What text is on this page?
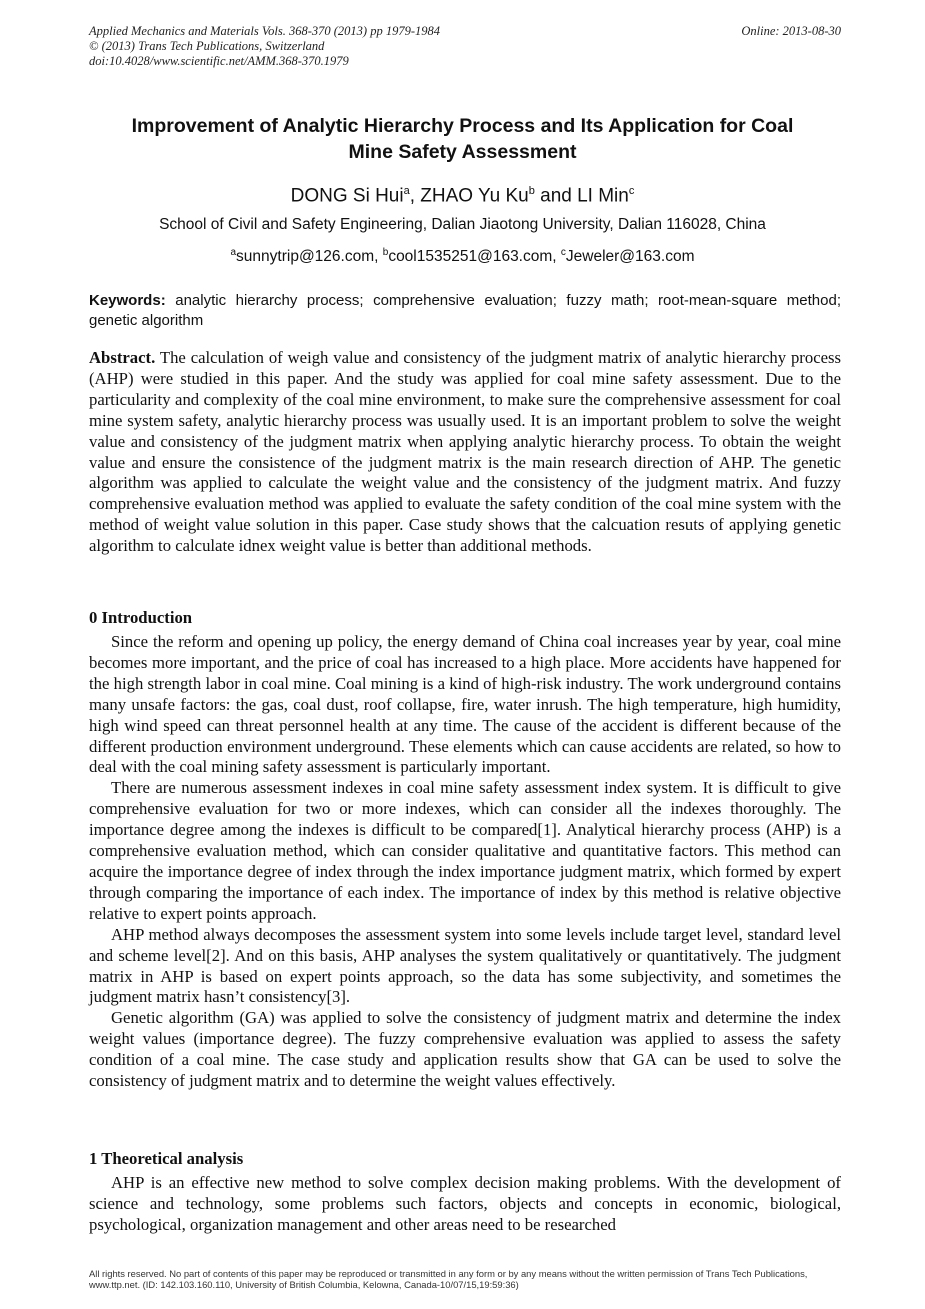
Applied Mechanics and Materials Vols. 368-370 (2013) pp 1979-1984	Online: 2013-08-30
© (2013) Trans Tech Publications, Switzerland
doi:10.4028/www.scientific.net/AMM.368-370.1979
Improvement of Analytic Hierarchy Process and Its Application for Coal
Mine Safety Assessment
DONG Si Hui$^a$, ZHAO Yu Ku$^b$ and LI Min$^c$
School of Civil and Safety Engineering, Dalian Jiaotong University, Dalian 116028, China
$^a$sunnytrip@126.com, $^b$cool1535251@163.com, $^c$Jeweler@163.com
Keywords: analytic hierarchy process; comprehensive evaluation; fuzzy math; root-mean-square method; genetic algorithm
Abstract. The calculation of weigh value and consistency of the judgment matrix of analytic hierarchy process (AHP) were studied in this paper. And the study was applied for coal mine safety assessment. Due to the particularity and complexity of the coal mine environment, to make sure the comprehensive assessment for coal mine system safety, analytic hierarchy process was usually used. It is an important problem to solve the weight value and consistency of the judgment matrix when applying analytic hierarchy process. To obtain the weight value and ensure the consistence of the judgment matrix is the main research direction of AHP. The genetic algorithm was applied to calculate the weight value and the consistency of the judgment matrix. And fuzzy comprehensive evaluation method was applied to evaluate the safety condition of the coal mine system with the method of weight value solution in this paper. Case study shows that the calcuation resuts of applying genetic algorithm to calculate idnex weight value is better than additional methods.
0 Introduction

Since the reform and opening up policy, the energy demand of China coal increases year by year, coal mine becomes more important, and the price of coal has increased to a high place. More accidents have happened for the high strength labor in coal mine. Coal mining is a kind of high-risk industry. The work underground contains many unsafe factors: the gas, coal dust, roof collapse, fire, water inrush. The high temperature, high humidity, high wind speed can threat personnel health at any time. The cause of the accident is different because of the different production environment underground. These elements which can cause accidents are related, so how to deal with the coal mining safety assessment is particularly important.

There are numerous assessment indexes in coal mine safety assessment index system. It is difficult to give comprehensive evaluation for two or more indexes, which can consider all the indexes thoroughly. The importance degree among the indexes is difficult to be compared[1]. Analytical hierarchy process (AHP) is a comprehensive evaluation method, which can consider qualitative and quantitative factors. This method can acquire the importance degree of index through the index importance judgment matrix, which formed by expert through comparing the importance of each index. The importance of index by this method is relative objective relative to expert points approach.

AHP method always decomposes the assessment system into some levels include target level, standard level and scheme level[2]. And on this basis, AHP analyses the system qualitatively or quantitatively. The judgment matrix in AHP is based on expert points approach, so the data has some subjectivity, and sometimes the judgment matrix hasn’t consistency[3].

Genetic algorithm (GA) was applied to solve the consistency of judgment matrix and determine the index weight values (importance degree). The fuzzy comprehensive evaluation was applied to assess the safety condition of a coal mine. The case study and application results show that GA can be used to solve the consistency of judgment matrix and to determine the weight values effectively.

1 Theoretical analysis

AHP is an effective new method to solve complex decision making problems. With the development of science and technology, some problems such factors, objects and concepts in economic, biological, psychological, organization management and other areas need to be researched

All rights reserved. No part of contents of this paper may be reproduced or transmitted in any form or by any means without the written permission of Trans Tech Publications, www.ttp.net. (ID: 142.103.160.110, University of British Columbia, Kelowna, Canada-10/07/15,19:59:36)
